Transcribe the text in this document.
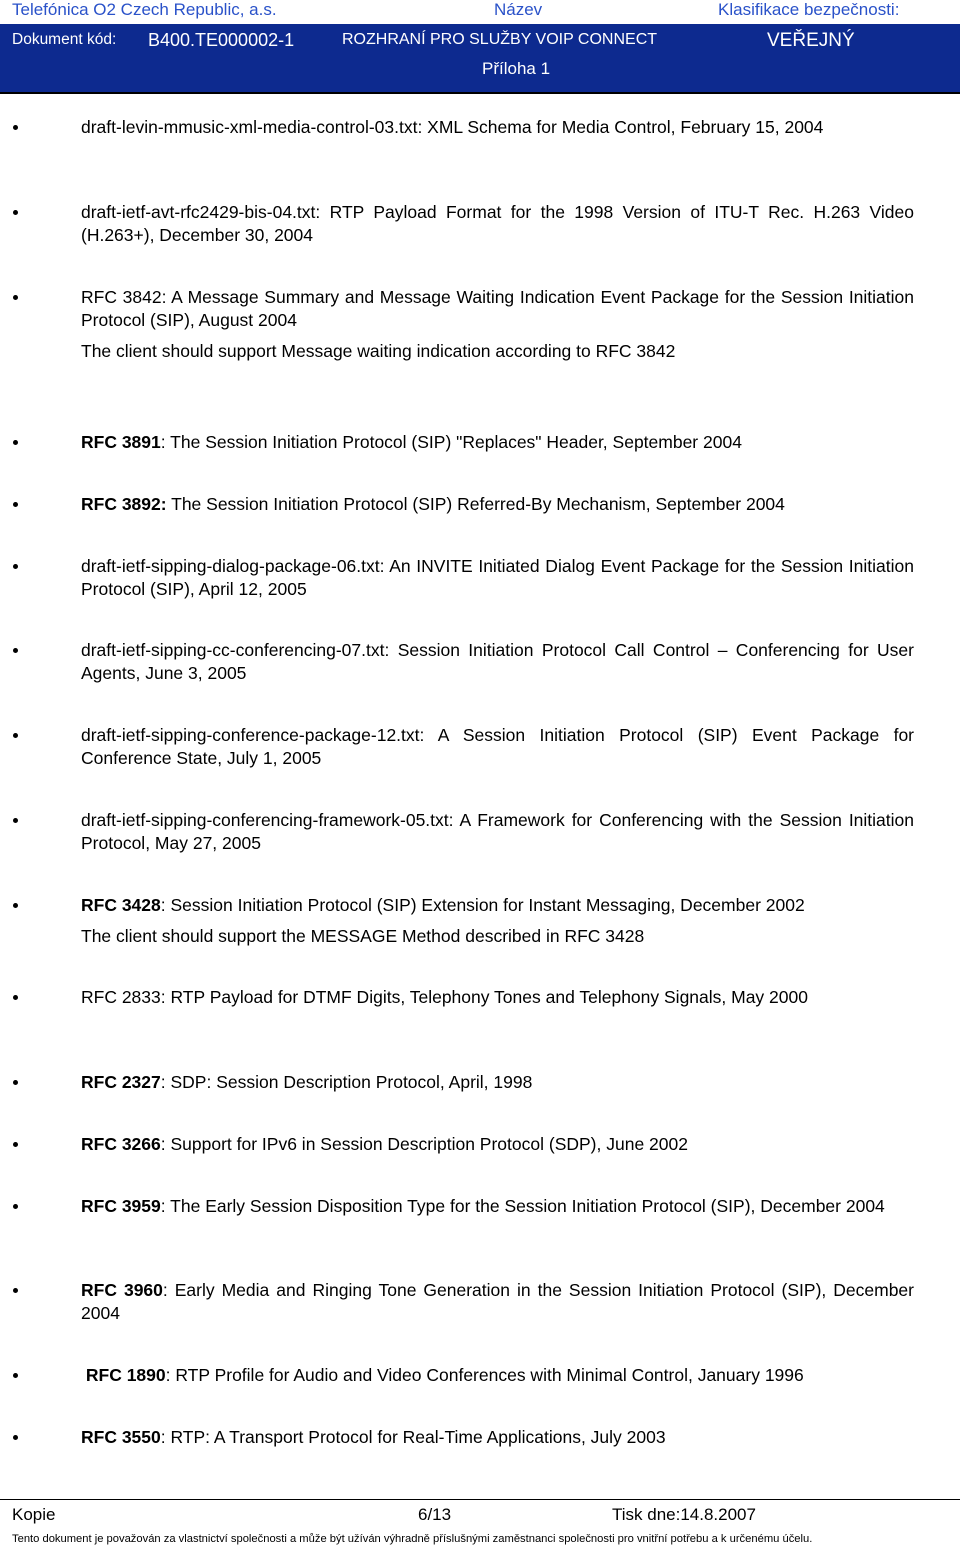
Telefónica O2 Czech Republic, a.s.	Název	Klasifikace bezpečnosti:
Dokument kód: B400.TE000002-1	ROZHRANÍ PRO SLUŽBY VOIP CONNECT	VEŘEJNÝ
Příloha 1

draft-levin-mmusic-xml-media-control-03.txt: XML Schema for Media Control, February 15, 2004

draft-ietf-avt-rfc2429-bis-04.txt: RTP Payload Format for the 1998 Version of ITU-T Rec. H.263 Video (H.263+), December 30, 2004

RFC 3842: A Message Summary and Message Waiting Indication Event Package for the Session Initiation Protocol (SIP), August 2004

The client should support Message waiting indication according to RFC 3842

RFC 3891: The Session Initiation Protocol (SIP) "Replaces" Header, September 2004

RFC 3892: The Session Initiation Protocol (SIP) Referred-By Mechanism, September 2004

draft-ietf-sipping-dialog-package-06.txt: An INVITE Initiated Dialog Event Package for the Session Initiation Protocol (SIP), April 12, 2005

draft-ietf-sipping-cc-conferencing-07.txt: Session Initiation Protocol Call Control – Conferencing for User Agents, June 3, 2005

draft-ietf-sipping-conference-package-12.txt: A Session Initiation Protocol (SIP) Event Package for Conference State, July 1, 2005

draft-ietf-sipping-conferencing-framework-05.txt: A Framework for Conferencing with the Session Initiation Protocol, May 27, 2005

RFC 3428: Session Initiation Protocol (SIP) Extension for Instant Messaging, December 2002

The client should support the MESSAGE Method described in RFC 3428

RFC 2833: RTP Payload for DTMF Digits, Telephony Tones and Telephony Signals, May 2000

RFC 2327: SDP: Session Description Protocol, April, 1998

RFC 3266: Support for IPv6 in Session Description Protocol (SDP), June 2002

RFC 3959: The Early Session Disposition Type for the Session Initiation Protocol (SIP), December 2004

RFC 3960: Early Media and Ringing Tone Generation in the Session Initiation Protocol (SIP), December 2004

RFC 1890: RTP Profile for Audio and Video Conferences with Minimal Control, January 1996

RFC 3550: RTP: A Transport Protocol for Real-Time Applications, July 2003

Kopie	6/13	Tisk dne:14.8.2007
Tento dokument je považován za vlastnictví společnosti a může být užíván výhradně příslušnými zaměstnanci společnosti pro vnitřní potřebu a k určenému účelu.
